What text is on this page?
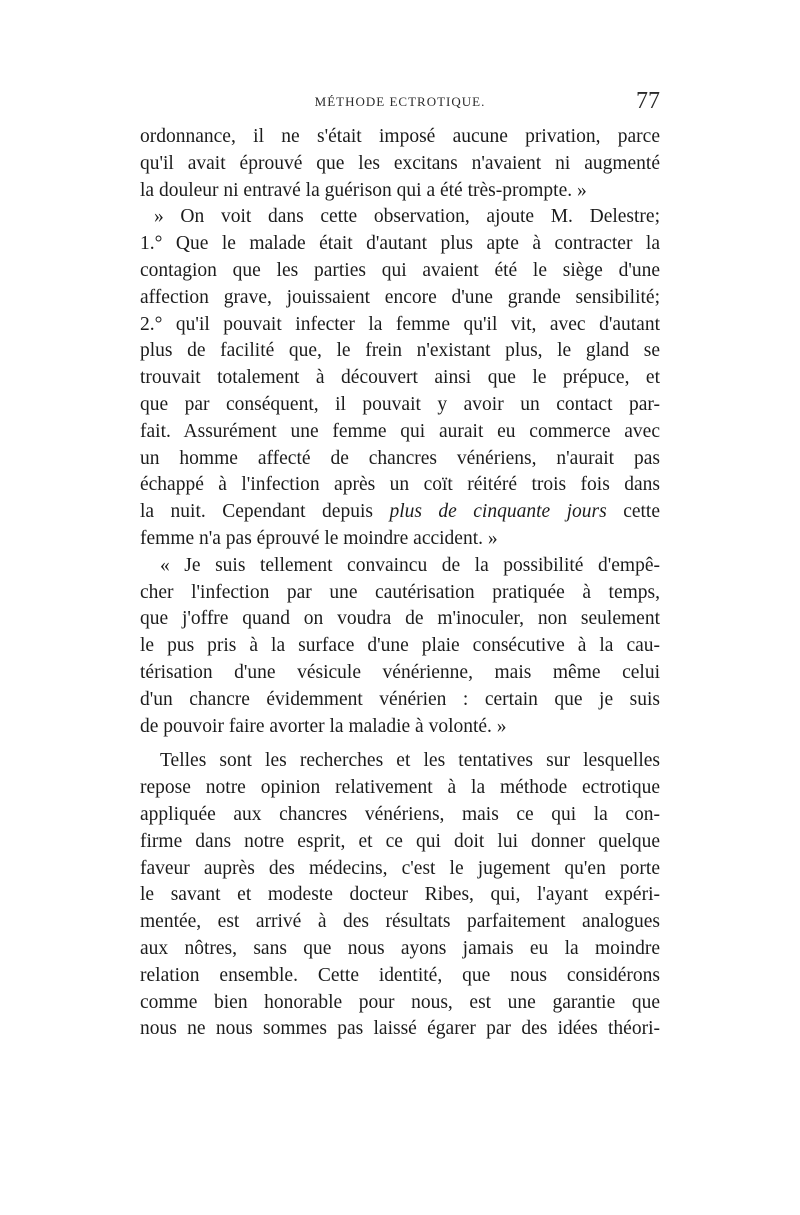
MÉTHODE ECTROTIQUE.	77
ordonnance, il ne s'était imposé aucune privation, parce
qu'il avait éprouvé que les excitans n'avaient ni augmenté
la douleur ni entravé la guérison qui a été très-prompte. »
» On voit dans cette observation, ajoute M. Delestre;
1.° Que le malade était d'autant plus apte à contracter la
contagion que les parties qui avaient été le siège d'une
affection grave, jouissaient encore d'une grande sensibilité;
2.° qu'il pouvait infecter la femme qu'il vit, avec d'autant
plus de facilité que, le frein n'existant plus, le gland se
trouvait totalement à découvert ainsi que le prépuce, et
que par conséquent, il pouvait y avoir un contact par-
fait. Assurément une femme qui aurait eu commerce avec
un homme affecté de chancres vénériens, n'aurait pas
échappé à l'infection après un coït réitéré trois fois dans
la nuit. Cependant depuis plus de cinquante jours cette
femme n'a pas éprouvé le moindre accident. »
« Je suis tellement convaincu de la possibilité d'empê-
cher l'infection par une cautérisation pratiquée à temps,
que j'offre quand on voudra de m'inoculer, non seulement
le pus pris à la surface d'une plaie consécutive à la cau-
térisation d'une vésicule vénérienne, mais même celui
d'un chancre évidemment vénérien : certain que je suis
de pouvoir faire avorter la maladie à volonté. »
Telles sont les recherches et les tentatives sur lesquelles
repose notre opinion relativement à la méthode ectrotique
appliquée aux chancres vénériens, mais ce qui la con-
firme dans notre esprit, et ce qui doit lui donner quelque
faveur auprès des médecins, c'est le jugement qu'en porte
le savant et modeste docteur Ribes, qui, l'ayant expéri-
mentée, est arrivé à des résultats parfaitement analogues
aux nôtres, sans que nous ayons jamais eu la moindre
relation ensemble. Cette identité, que nous considérons
comme bien honorable pour nous, est une garantie que
nous ne nous sommes pas laissé égarer par des idées théori-
